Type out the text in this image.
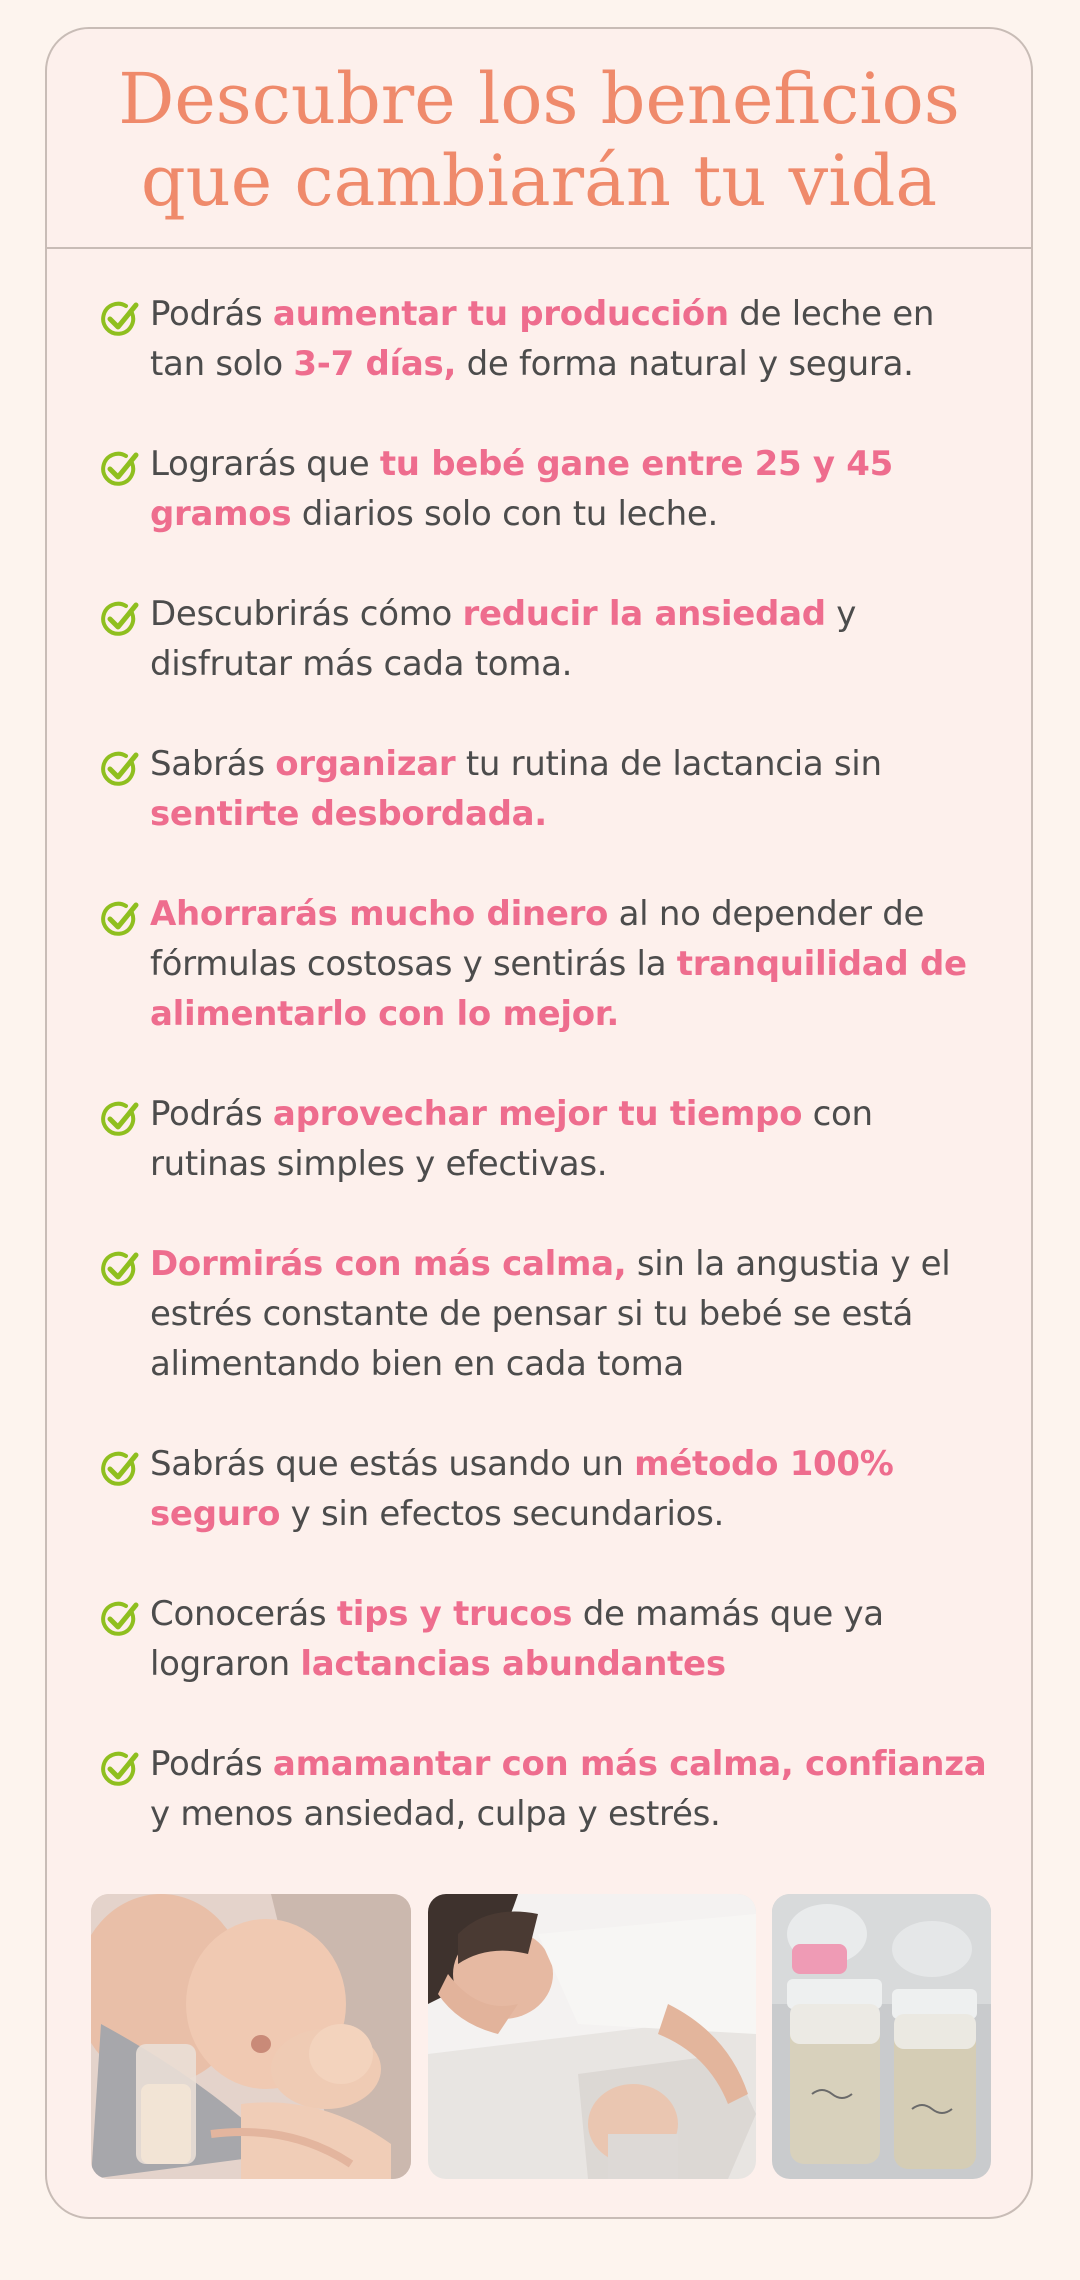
Descubre los beneficios
que cambiarán tu vida
Podrás aumentar tu producción de leche en tan solo 3-7 días, de forma natural y segura.
Lograrás que tu bebé gane entre 25 y 45 gramos diarios solo con tu leche.
Descubrirás cómo reducir la ansiedad y disfrutar más cada toma.
Sabrás organizar tu rutina de lactancia sin sentirte desbordada.
Ahorrarás mucho dinero al no depender de fórmulas costosas y sentirás la tranquilidad de alimentarlo con lo mejor.
Podrás aprovechar mejor tu tiempo con rutinas simples y efectivas.
Dormirás con más calma, sin la angustia y el estrés constante de pensar si tu bebé se está alimentando bien en cada toma
Sabrás que estás usando un método 100% seguro y sin efectos secundarios.
Conocerás tips y trucos de mamás que ya lograron lactancias abundantes
Podrás amamantar con más calma, confianza y menos ansiedad, culpa y estrés.
